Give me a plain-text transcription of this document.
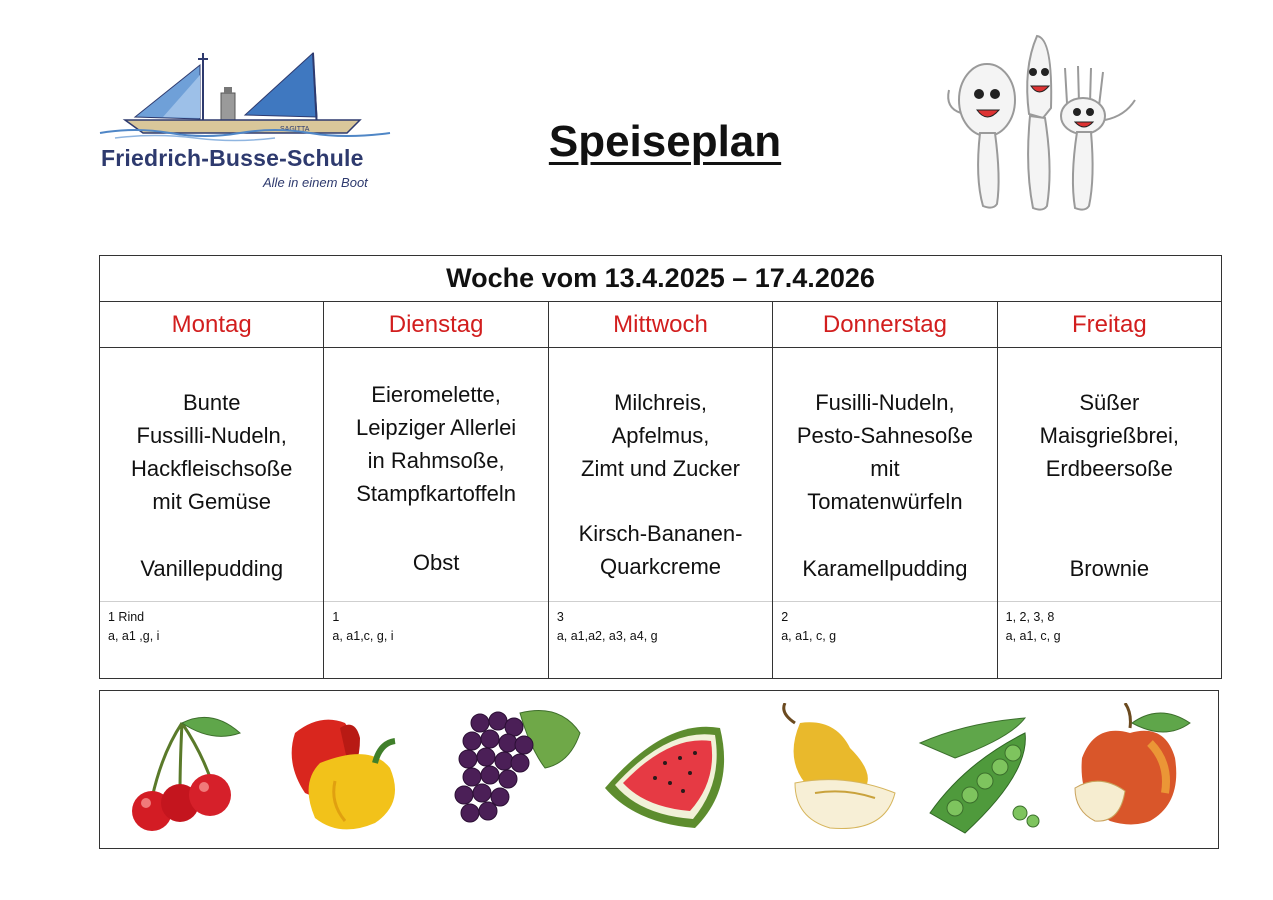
SAGITTA
Friedrich-Busse-Schule
Alle in einem Boot
Speiseplan
Woche vom 13.4.2025 – 17.4.2026
Montag
Bunte
Fussilli-Nudeln,
Hackfleischsoße
mit Gemüse
Vanillepudding
1 Rind
a, a1 ,g, i
Dienstag
Eieromelette,
Leipziger Allerlei
in Rahmsoße,
Stampfkartoffeln
Obst
1
a, a1,c, g, i
Mittwoch
Milchreis,
Apfelmus,
Zimt und Zucker
Kirsch-Bananen-
Quarkcreme
3
a, a1,a2, a3, a4, g
Donnerstag
Fusilli-Nudeln,
Pesto-Sahnesoße
mit
Tomatenwürfeln
Karamellpudding
2
a, a1, c, g
Freitag
Süßer
Maisgrießbrei,
Erdbeersoße
Brownie
1, 2, 3, 8
a, a1, c, g
